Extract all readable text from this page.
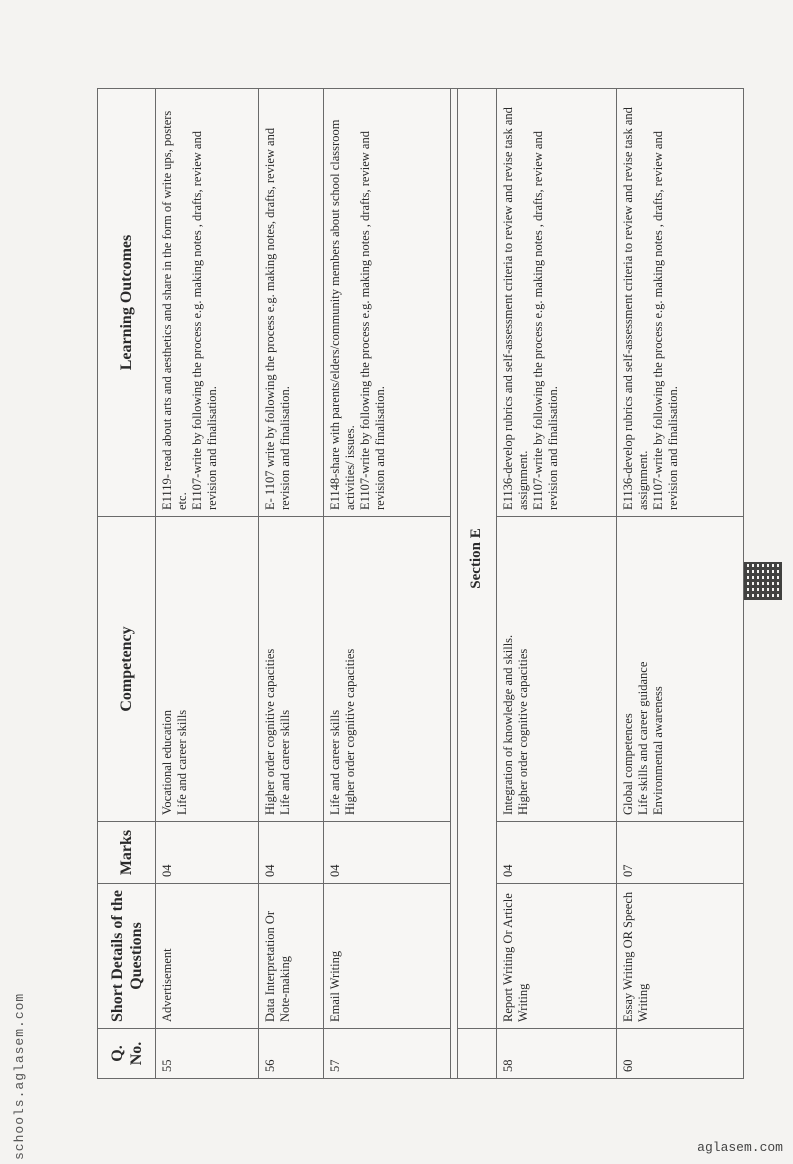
Q. No.	Short Details of the Questions	Marks	Competency	Learning Outcomes
55	Advertisement	04	Vocational education Life and career skills	E1119- read about arts and aesthetics and share in the form of write ups, posters etc. E1107-write by following the process e.g. making notes , drafts, review and revision and finalisation.

56	Data Interpretation Or Note-making	04	Higher order cognitive capacities Life and career skills	E- 1107 write by following the process e.g. making notes, drafts, review and revision and finalisation.

57	Email Writing	04	Life and career skills Higher order cognitive capacities	E1148-share with parents/elders/community members about school classroom activities/ issues. E1107-write by following the process e.g. making notes , drafts, review and revision and finalisation.

	Section E			
58	Report Writing Or Article Writing	04	Integration of knowledge and skills. Higher order cognitive capacities	E1136-develop rubrics and self-assessment criteria to review and revise task and assignment. E1107-write by following the process e.g. making notes , drafts, review and revision and finalisation.

60	Essay Writing OR Speech Writing	07	Global competences Life skills and career guidance Environmental awareness	E1136-develop rubrics and self-assessment criteria to review and revise task and assignment. E1107-write by following the process e.g. making notes , drafts, review and revision and finalisation.
schools.aglasem.com	aglasem.com
